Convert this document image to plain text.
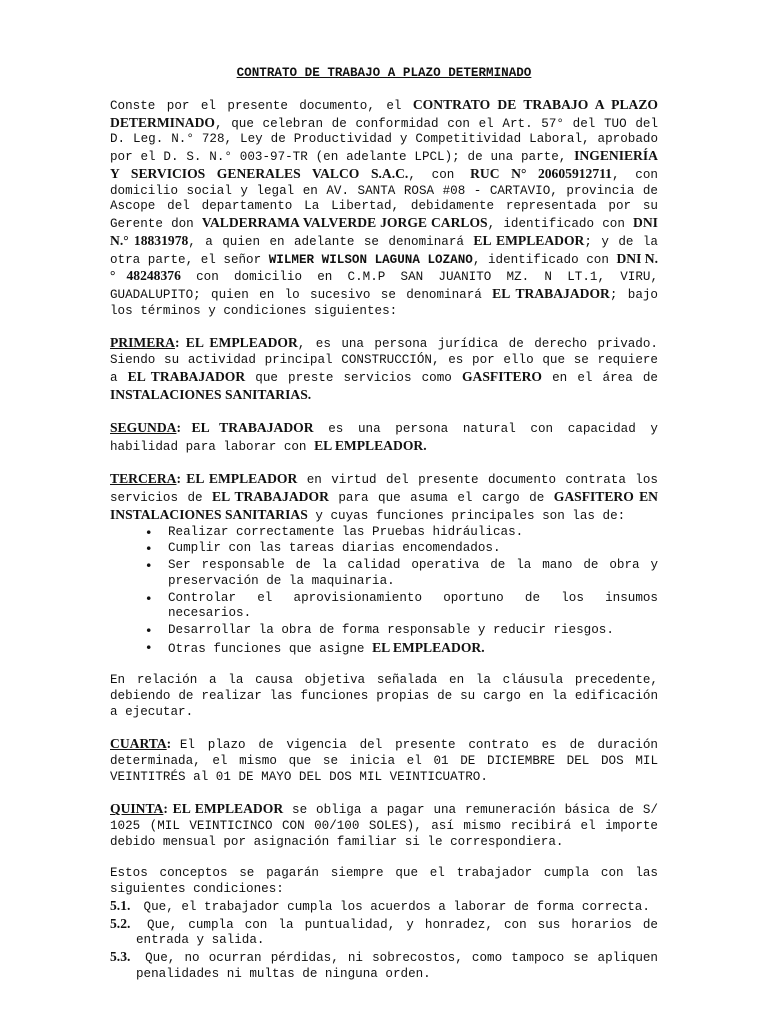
CONTRATO DE TRABAJO A PLAZO DETERMINADO

Conste por el presente documento, el CONTRATO DE TRABAJO A PLAZO DETERMINADO, que celebran de conformidad con el Art. 57° del TUO del D. Leg. N.° 728, Ley de Productividad y Competitividad Laboral, aprobado por el D. S. N.° 003-97-TR (en adelante LPCL); de una parte, INGENIERÍA Y SERVICIOS GENERALES VALCO S.A.C., con RUC N° 20605912711, con domicilio social y legal en AV. SANTA ROSA #08 - CARTAVIO, provincia de Ascope del departamento La Libertad, debidamente representada por su Gerente don VALDERRAMA VALVERDE JORGE CARLOS, identificado con DNI N.° 18831978, a quien en adelante se denominará EL EMPLEADOR; y de la otra parte, el señor WILMER WILSON LAGUNA LOZANO, identificado con DNI N.° 48248376 con domicilio en C.M.P SAN JUANITO MZ. N LT.1, VIRU, GUADALUPITO; quien en lo sucesivo se denominará EL TRABAJADOR; bajo los términos y condiciones siguientes:

PRIMERA: EL EMPLEADOR, es una persona jurídica de derecho privado. Siendo su actividad principal CONSTRUCCIÓN, es por ello que se requiere a EL TRABAJADOR que preste servicios como GASFITERO en el área de INSTALACIONES SANITARIAS.

SEGUNDA: EL TRABAJADOR es una persona natural con capacidad y habilidad para laborar con EL EMPLEADOR.

TERCERA: EL EMPLEADOR en virtud del presente documento contrata los servicios de EL TRABAJADOR para que asuma el cargo de GASFITERO EN INSTALACIONES SANITARIAS y cuyas funciones principales son las de:

• Realizar correctamente las Pruebas hidráulicas.
• Cumplir con las tareas diarias encomendados.
• Ser responsable de la calidad operativa de la mano de obra y preservación de la maquinaria.
• Controlar el aprovisionamiento oportuno de los insumos necesarios.
• Desarrollar la obra de forma responsable y reducir riesgos.
• Otras funciones que asigne EL EMPLEADOR.

En relación a la causa objetiva señalada en la cláusula precedente, debiendo de realizar las funciones propias de su cargo en la edificación a ejecutar.

CUARTA: El plazo de vigencia del presente contrato es de duración determinada, el mismo que se inicia el 01 DE DICIEMBRE DEL DOS MIL VEINTITRÉS al 01 DE MAYO DEL DOS MIL VEINTICUATRO.

QUINTA: EL EMPLEADOR se obliga a pagar una remuneración básica de S/ 1025 (MIL VEINTICINCO CON 00/100 SOLES), así mismo recibirá el importe debido mensual por asignación familiar si le correspondiera.

Estos conceptos se pagarán siempre que el trabajador cumpla con las siguientes condiciones:

5.1. Que, el trabajador cumpla los acuerdos a laborar de forma correcta.
5.2. Que, cumpla con la puntualidad, y honradez, con sus horarios de entrada y salida.
5.3. Que, no ocurran pérdidas, ni sobrecostos, como tampoco se apliquen penalidades ni multas de ninguna orden.
